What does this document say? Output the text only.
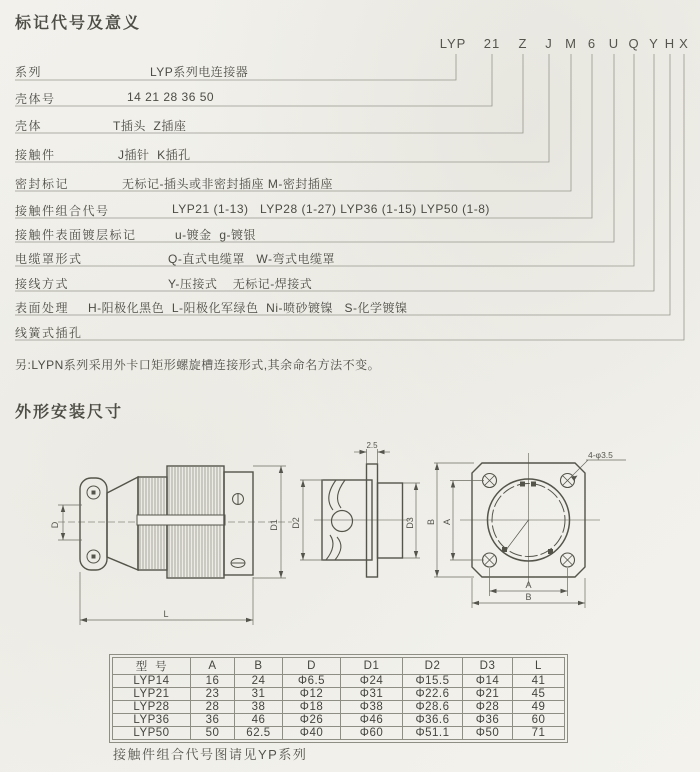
标记代号及意义
LYP 21 Z J M 6 U Q Y H X
系列	LYP系列电连接器
壳体号	14 21 28 36 50
壳体	T插头  Z插座
接触件	J插针  K插孔
密封标记	无标记-插头或非密封插座 M-密封插座
接触件组合代号	LYP21 (1-13)   LYP28 (1-27) LYP36 (1-15) LYP50 (1-8)
接触件表面镀层标记	u-镀金  g-镀银
电缆罩形式	Q-直式电缆罩   W-弯式电缆罩
接线方式	Y-压接式    无标记-焊接式
表面处理 H-阳极化黑色  L-阳极化军绿色  Ni-喷砂镀镍   S-化学镀镍
线簧式插孔
另:LYPN系列采用外卡口矩形螺旋槽连接形式,其余命名方法不变。
外形安装尺寸
D	D1
L
2.5
D2	D3
4-φ3.5
B A
A
B
型  号	A	B	D	D1	D2	D3	L
LYP14	16	24	Φ6.5	Φ24	Φ15.5	Φ14	41
LYP21	23	31	Φ12	Φ31	Φ22.6	Φ21	45
LYP28	28	38	Φ18	Φ38	Φ28.6	Φ28	49
LYP36	36	46	Φ26	Φ46	Φ36.6	Φ36	60
LYP50	50	62.5	Φ40	Φ60	Φ51.1	Φ50	71
接触件组合代号图请见YP系列
